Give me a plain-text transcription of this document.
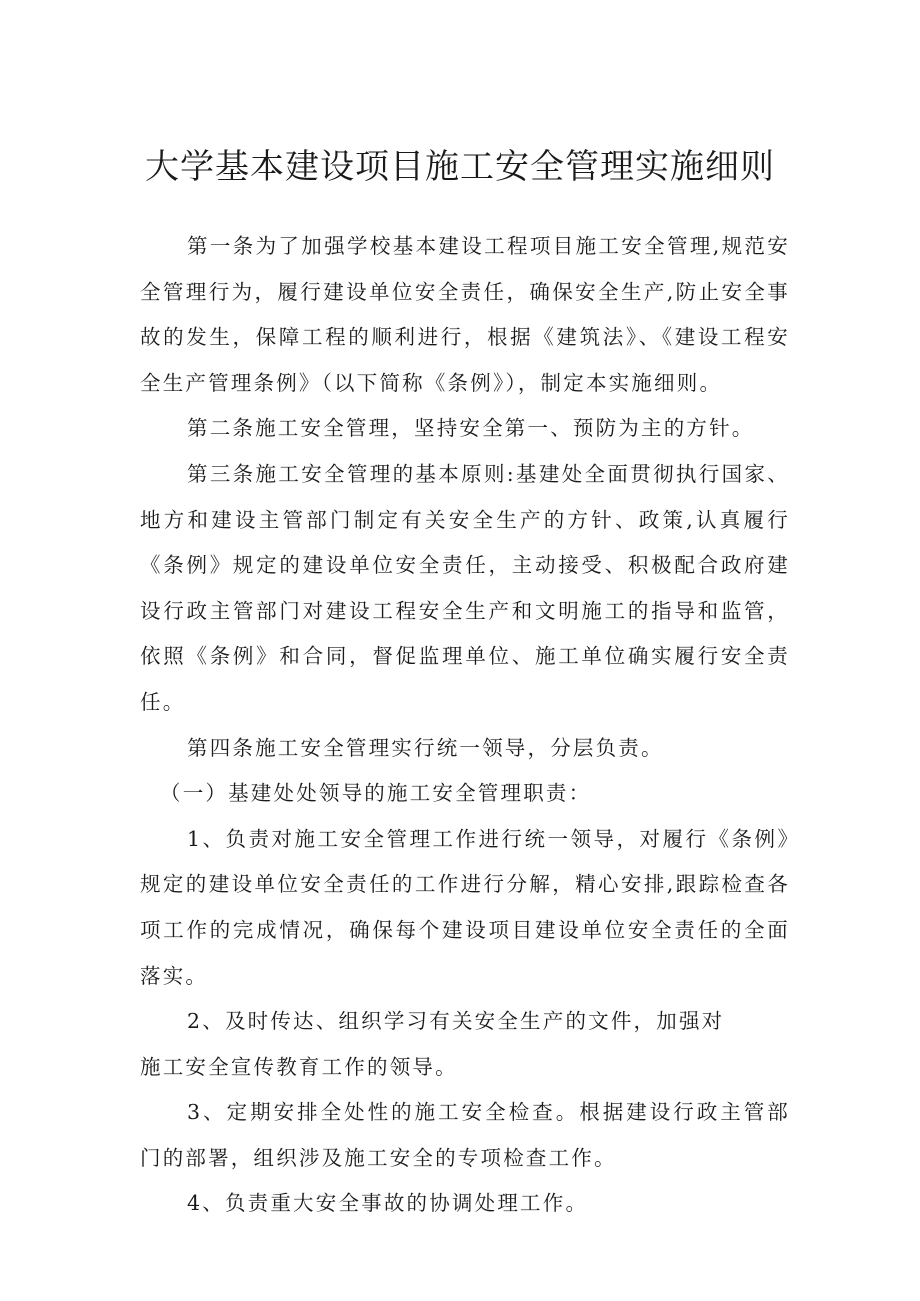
大学基本建设项目施工安全管理实施细则

第一条为了加强学校基本建设工程项目施工安全管理,规范安全管理行为，履行建设单位安全责任，确保安全生产,防止安全事故的发生，保障工程的顺利进行，根据《建筑法》、《建设工程安全生产管理条例》（以下简称《条例》），制定本实施细则。

第二条施工安全管理，坚持安全第一、预防为主的方针。

第三条施工安全管理的基本原则:基建处全面贯彻执行国家、地方和建设主管部门制定有关安全生产的方针、政策,认真履行《条例》规定的建设单位安全责任，主动接受、积极配合政府建设行政主管部门对建设工程安全生产和文明施工的指导和监管，依照《条例》和合同，督促监理单位、施工单位确实履行安全责任。

第四条施工安全管理实行统一领导，分层负责。

（一）基建处处领导的施工安全管理职责：

1、负责对施工安全管理工作进行统一领导，对履行《条例》规定的建设单位安全责任的工作进行分解，精心安排,跟踪检查各项工作的完成情况，确保每个建设项目建设单位安全责任的全面落实。

2、及时传达、组织学习有关安全生产的文件，加强对

施工安全宣传教育工作的领导。

3、定期安排全处性的施工安全检查。根据建设行政主管部门的部署，组织涉及施工安全的专项检查工作。

4、负责重大安全事故的协调处理工作。
